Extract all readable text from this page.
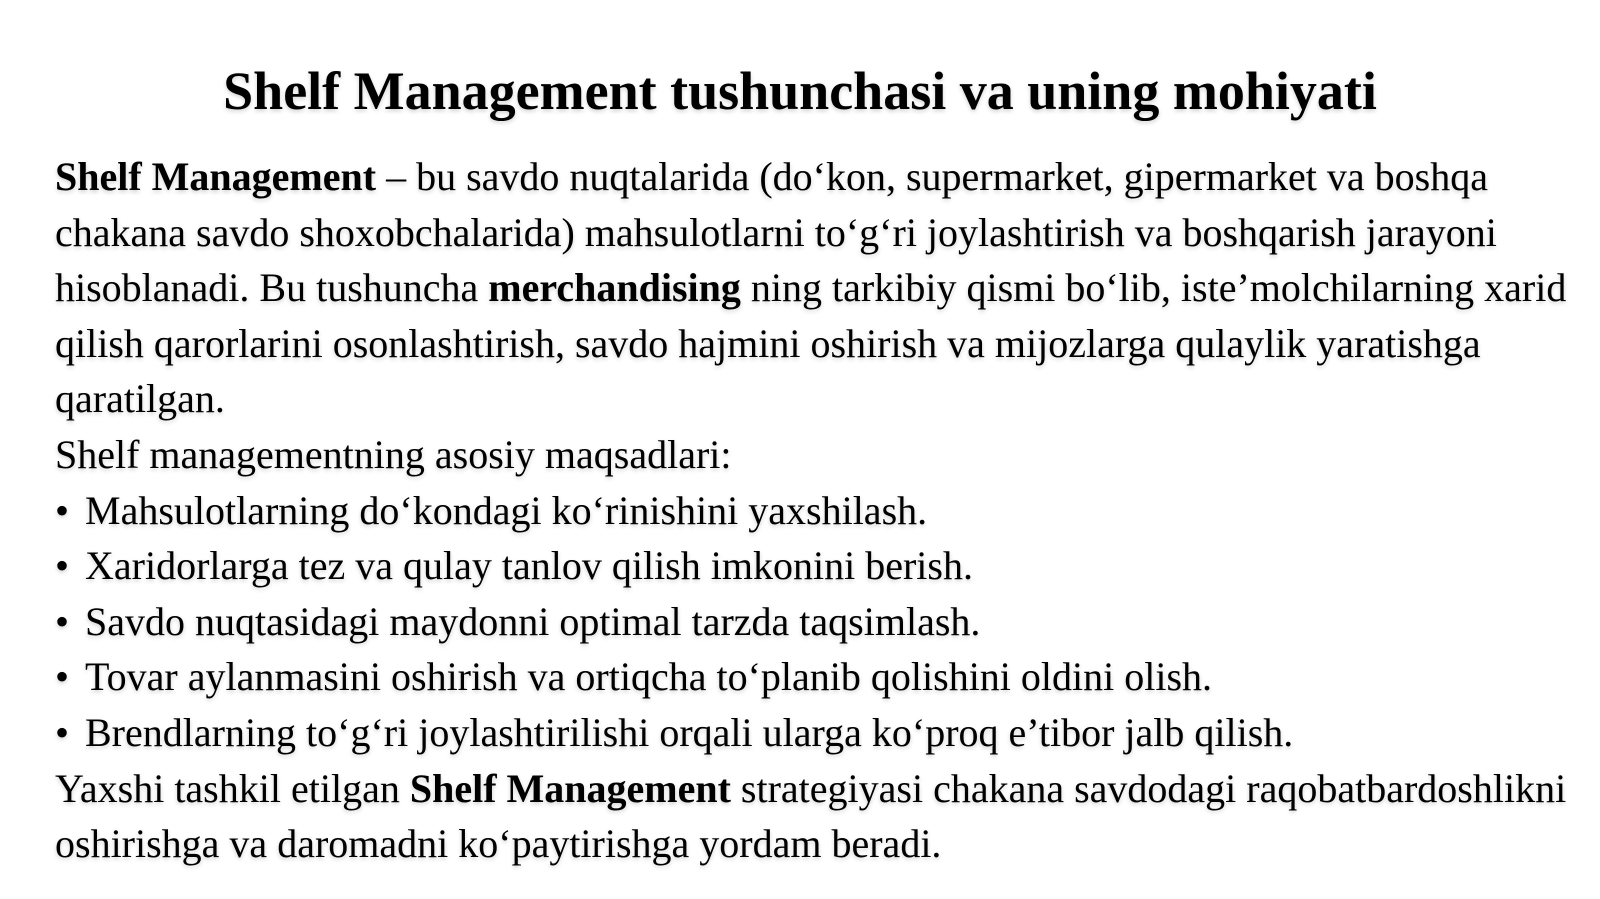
Shelf Management tushunchasi va uning mohiyati

Shelf Management – bu savdo nuqtalarida (do‘kon, supermarket, gipermarket va boshqa chakana savdo shoxobchalarida) mahsulotlarni to‘g‘ri joylashtirish va boshqarish jarayoni hisoblanadi. Bu tushuncha merchandising ning tarkibiy qismi bo‘lib, iste’molchilarning xarid qilish qarorlarini osonlashtirish, savdo hajmini oshirish va mijozlarga qulaylik yaratishga qaratilgan.

Shelf managementning asosiy maqsadlari:

• Mahsulotlarning do‘kondagi ko‘rinishini yaxshilash.
• Xaridorlarga tez va qulay tanlov qilish imkonini berish.
• Savdo nuqtasidagi maydonni optimal tarzda taqsimlash.
• Tovar aylanmasini oshirish va ortiqcha to‘planib qolishini oldini olish.
• Brendlarning to‘g‘ri joylashtirilishi orqali ularga ko‘proq e’tibor jalb qilish.

Yaxshi tashkil etilgan Shelf Management strategiyasi chakana savdodagi raqobatbardoshlikni oshirishga va daromadni ko‘paytirishga yordam beradi.
